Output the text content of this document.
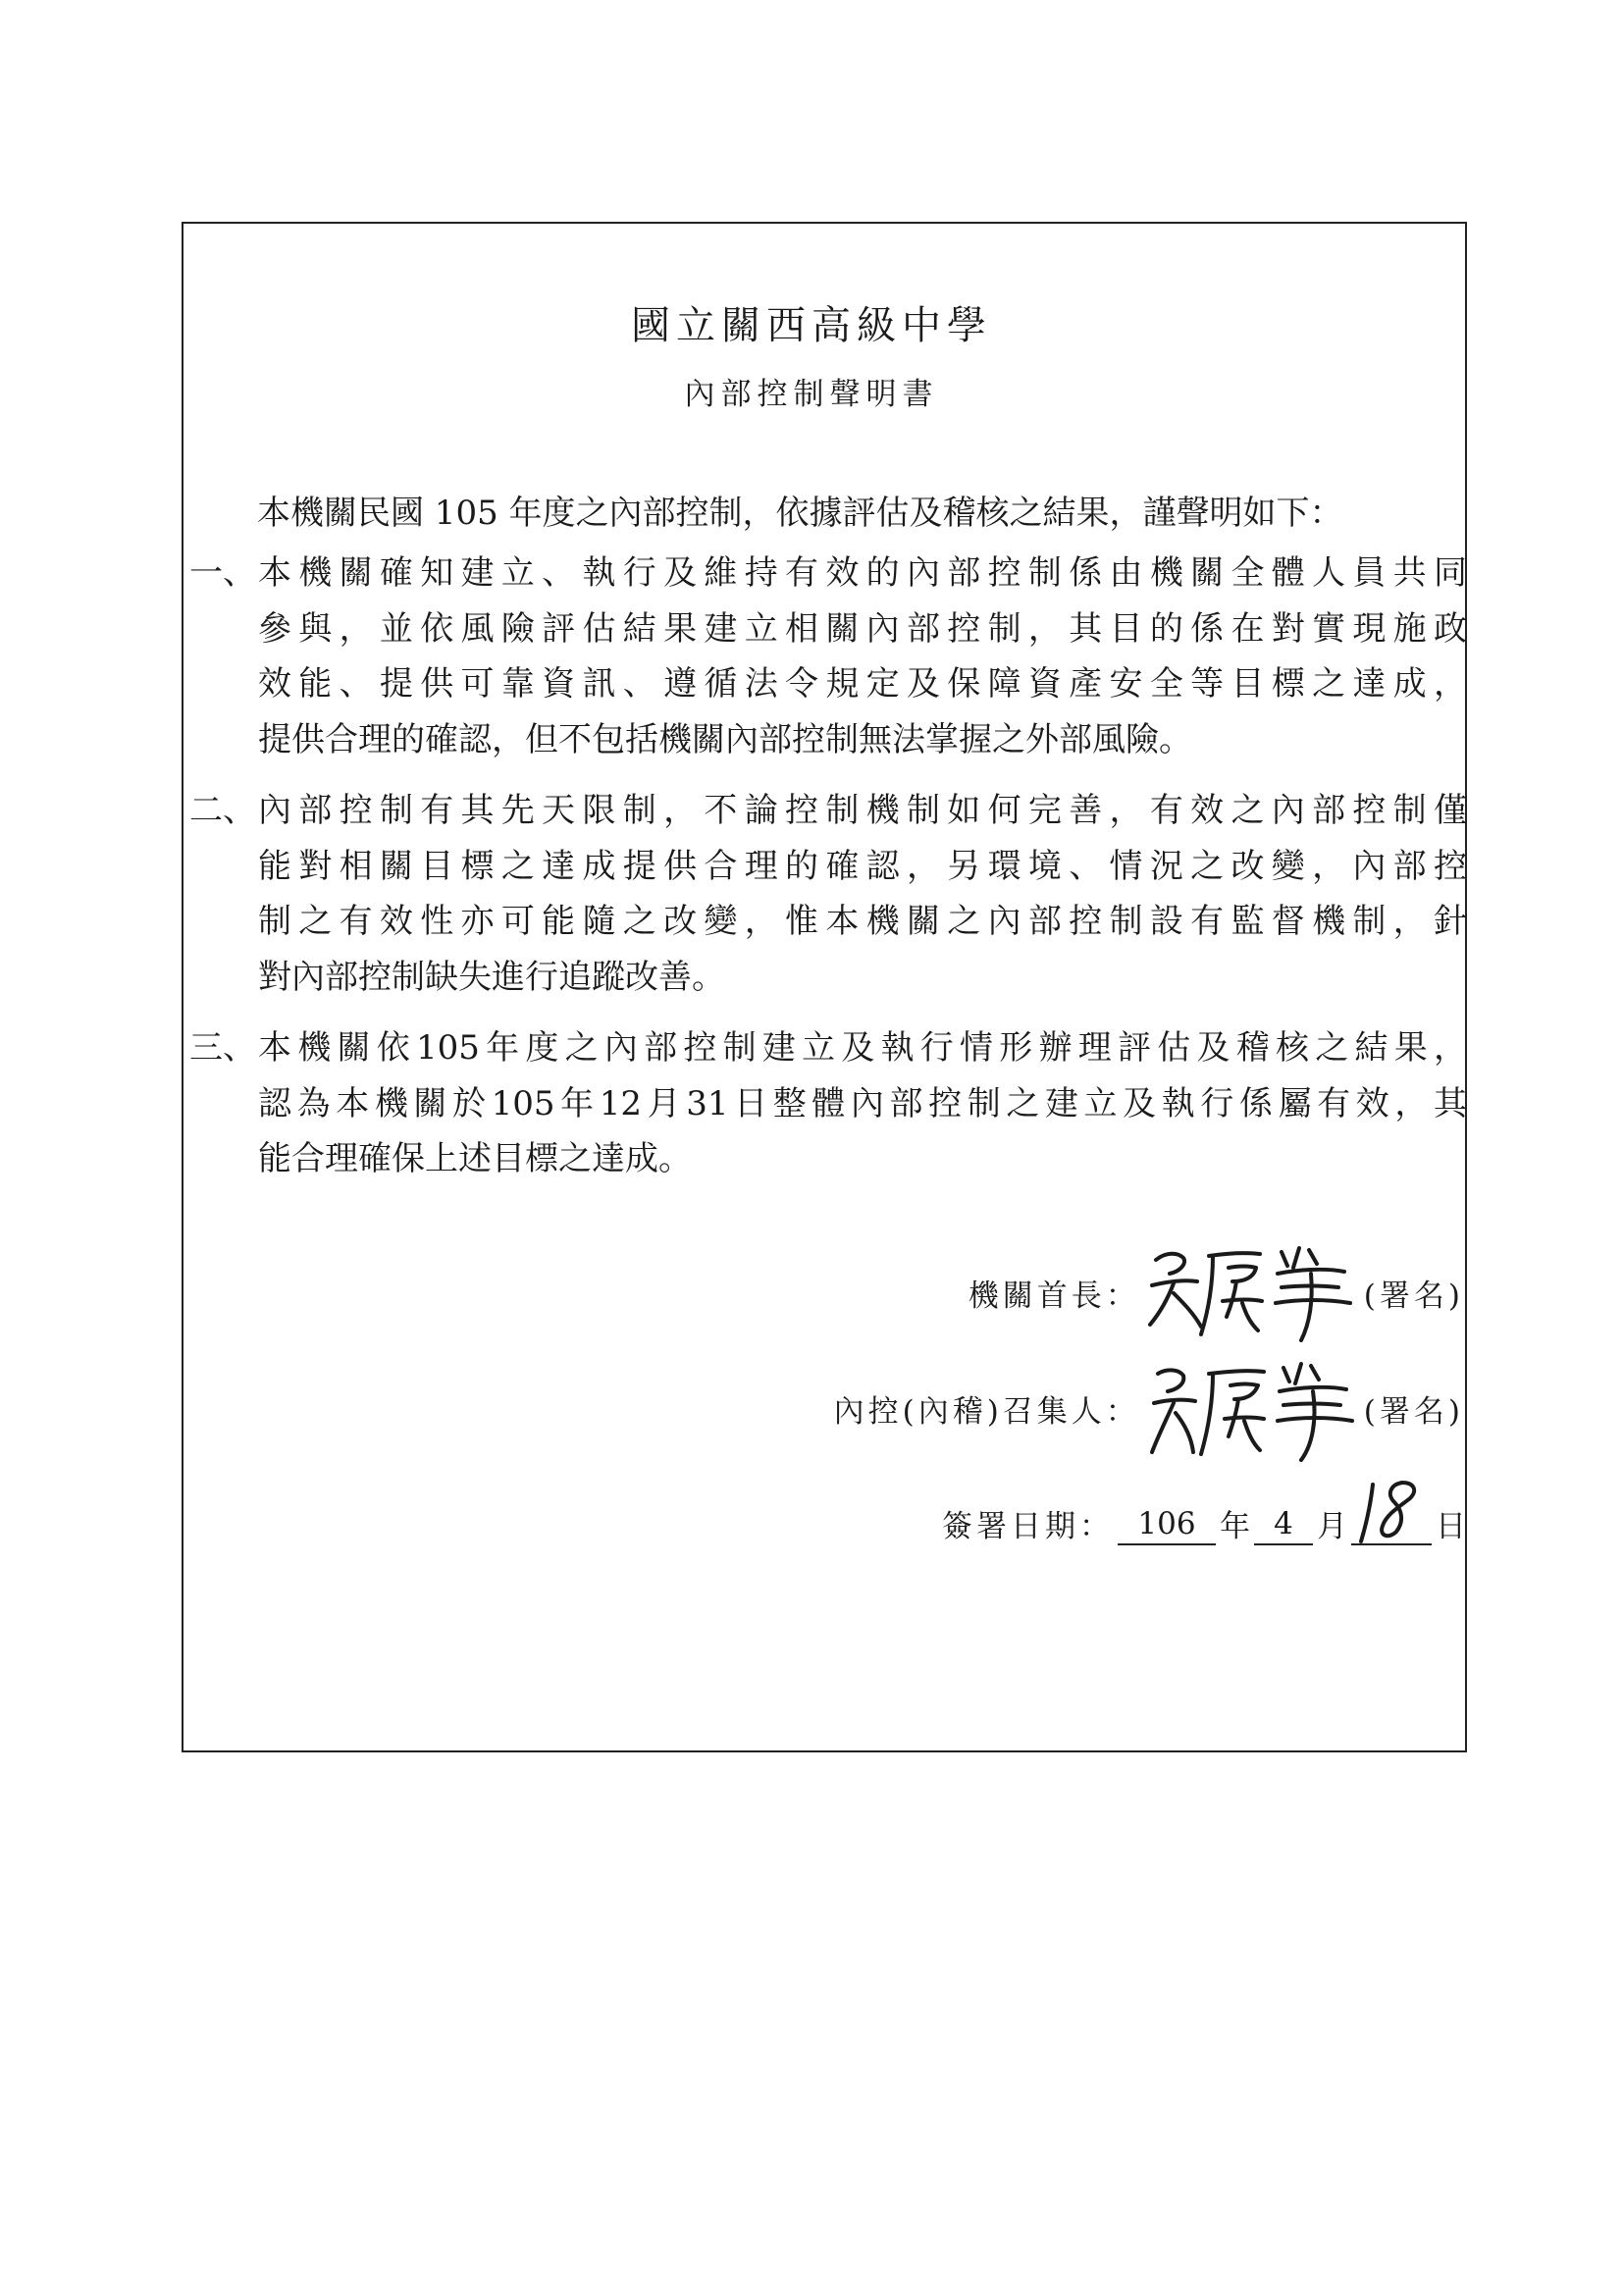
國立關西高級中學
內部控制聲明書
本機關民國 105 年度之內部控制，依據評估及稽核之結果，謹聲明如下：
一、 本機關確知建立、執行及維持有效的內部控制係由機關全體人員共同
參與，並依風險評估結果建立相關內部控制，其目的係在對實現施政
效能、提供可靠資訊、遵循法令規定及保障資產安全等目標之達成，
提供合理的確認，但不包括機關內部控制無法掌握之外部風險。
二、 內部控制有其先天限制，不論控制機制如何完善，有效之內部控制僅
能對相關目標之達成提供合理的確認，另環境、情況之改變，內部控
制之有效性亦可能隨之改變，惟本機關之內部控制設有監督機制，針
對內部控制缺失進行追蹤改善。
三、 本機關依105年度之內部控制建立及執行情形辦理評估及稽核之結果，
認為本機關於105年12月31日整體內部控制之建立及執行係屬有效，其
能合理確保上述目標之達成。
機關首長：	(署名)
內控(內稽)召集人：	(署名)
簽署日期： 106 年 4 月	日
